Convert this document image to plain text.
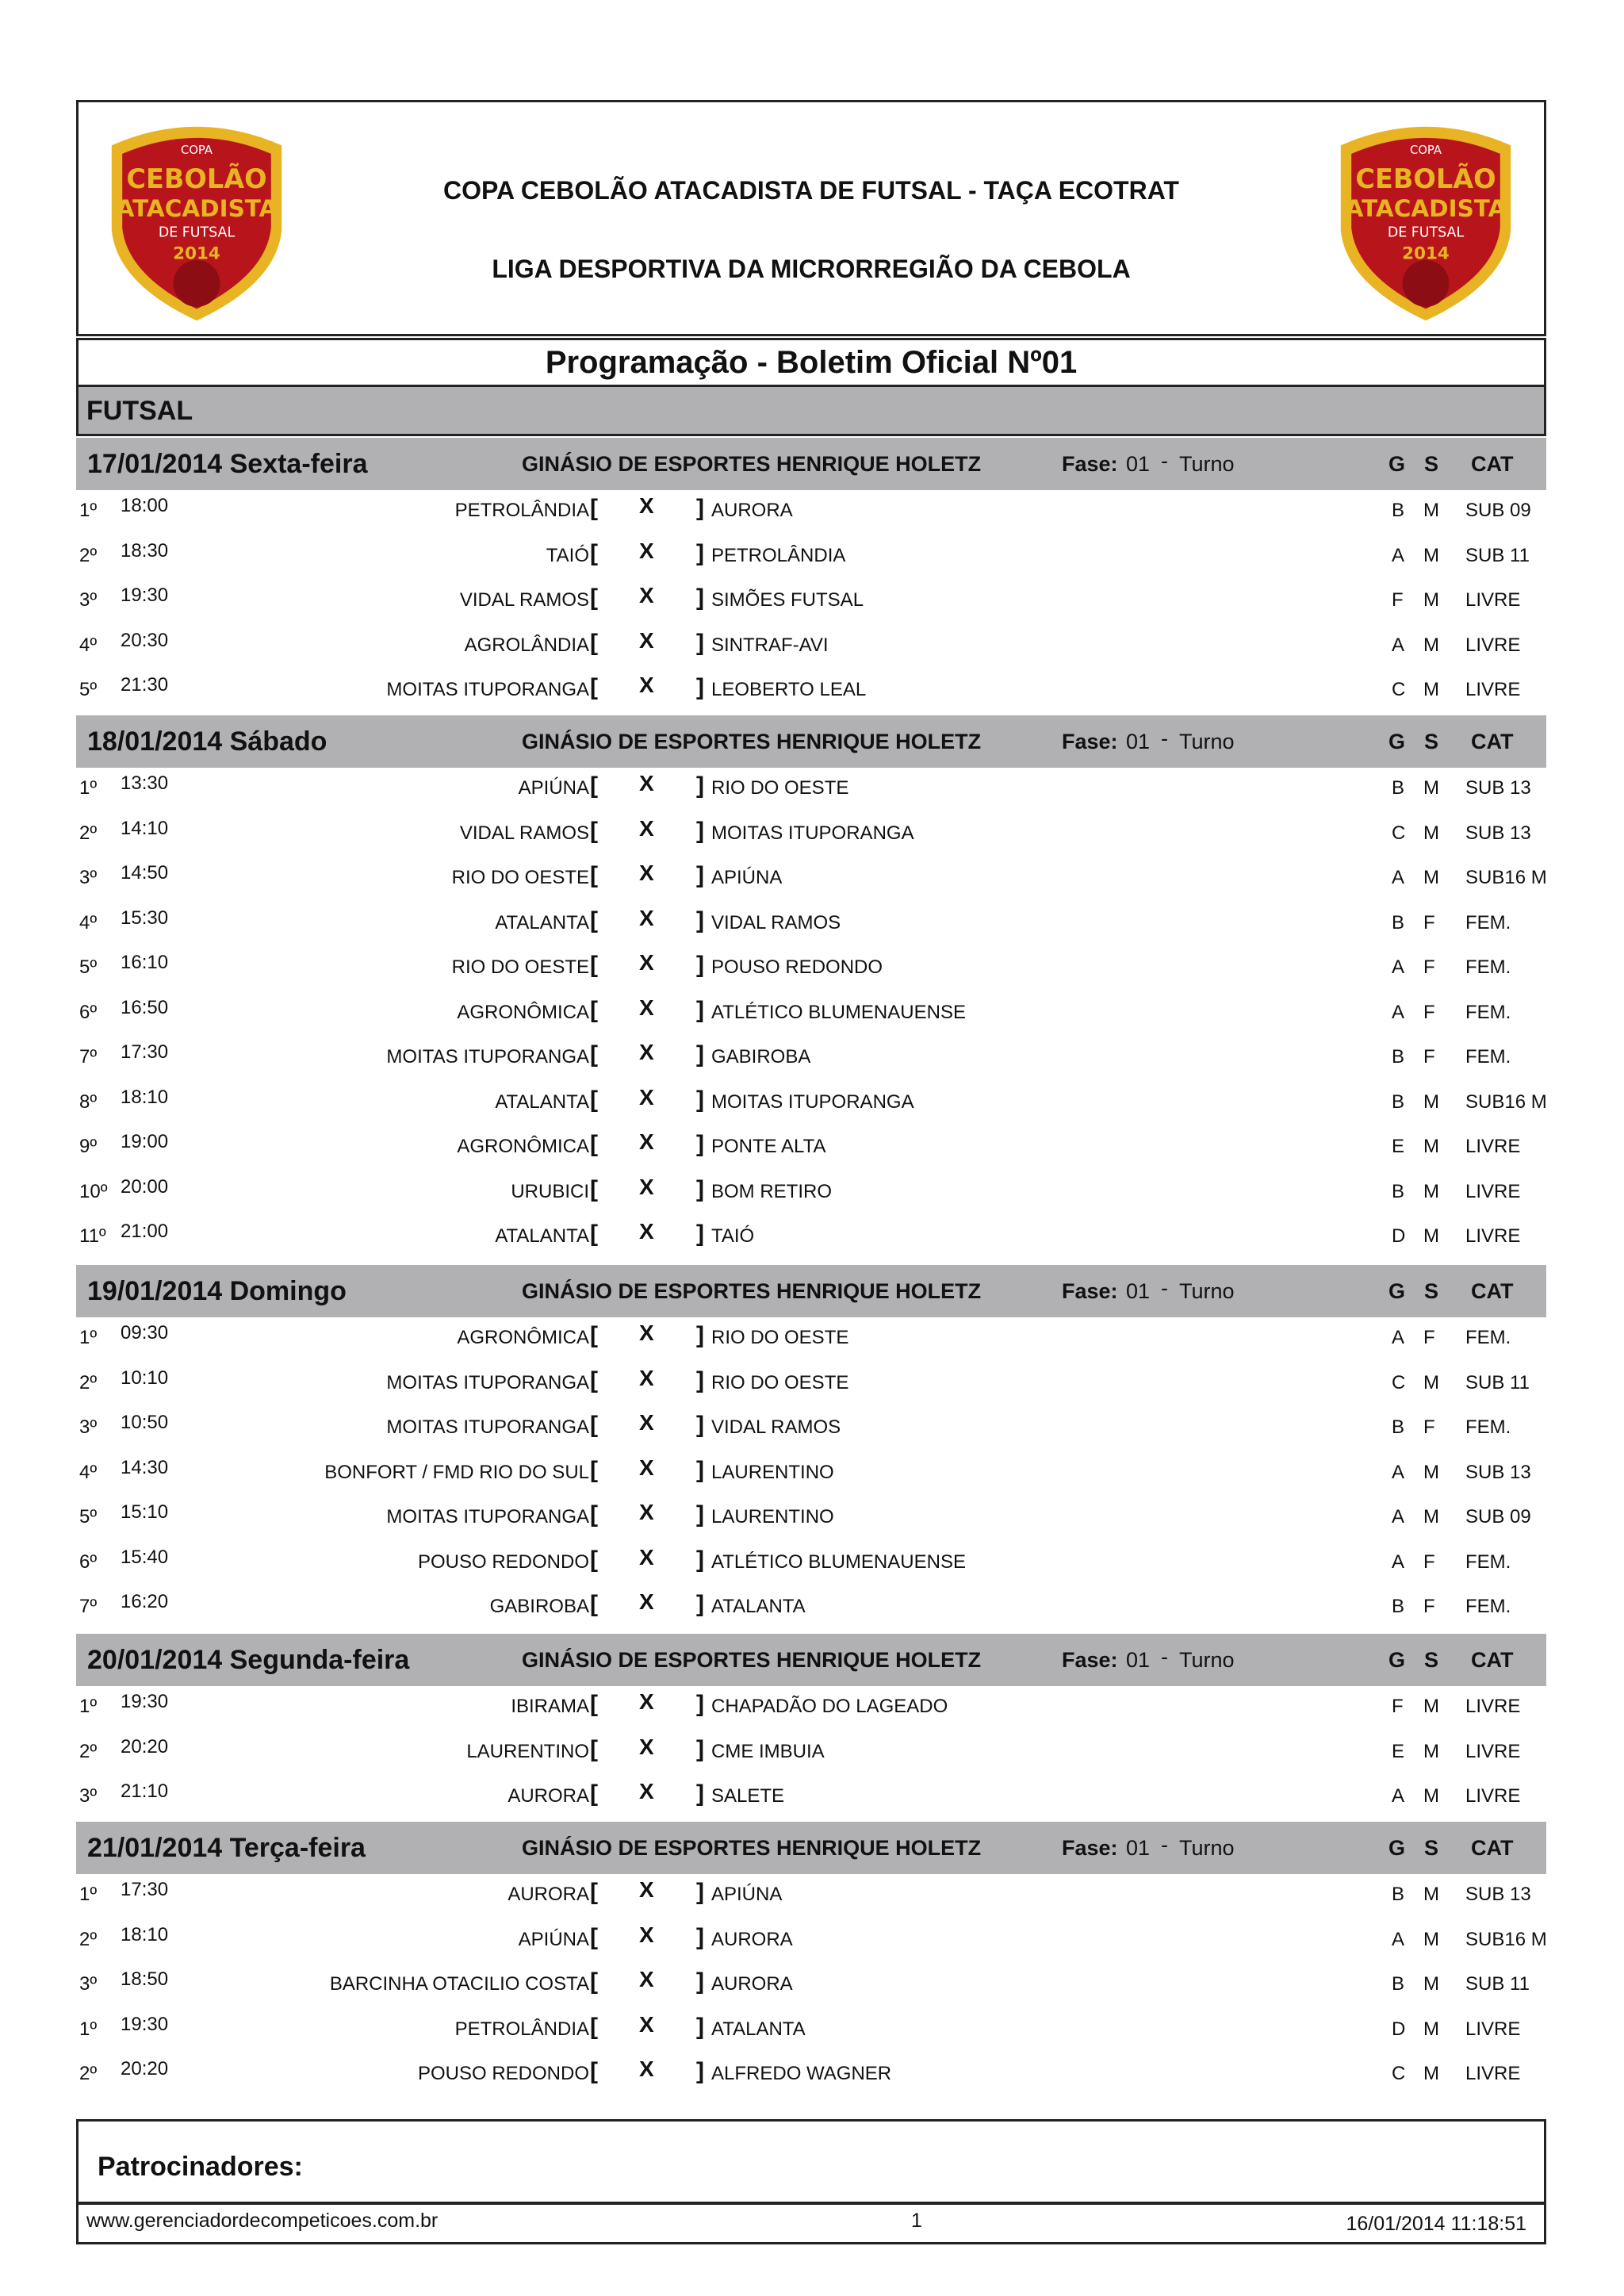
COPA
CEBOLÃO
ATACADISTA
DE FUTSAL
2014
COPA CEBOLÃO ATACADISTA DE FUTSAL - TAÇA ECOTRAT
LIGA DESPORTIVA DA MICRORREGIÃO DA CEBOLA
COPA
CEBOLÃO
ATACADISTA
DE FUTSAL
2014
Programação - Boletim Oficial Nº01
FUTSAL
17/01/2014 Sexta-feira	GINÁSIO DE ESPORTES HENRIQUE HOLETZ	Fase: 01 - Turno	G S CAT
1º 18:00	PETROLÂNDIA [ X ] AURORA	B M SUB 09
2º 18:30	TAIÓ [ X ] PETROLÂNDIA	A M SUB 11
3º 19:30	VIDAL RAMOS [ X ] SIMÕES FUTSAL	F M LIVRE
4º 20:30	AGROLÂNDIA [ X ] SINTRAF-AVI	A M LIVRE
5º 21:30	MOITAS ITUPORANGA [ X ] LEOBERTO LEAL	C M LIVRE
18/01/2014 Sábado	GINÁSIO DE ESPORTES HENRIQUE HOLETZ	Fase: 01 - Turno	G S CAT
1º 13:30	APIÚNA [ X ] RIO DO OESTE	B M SUB 13
2º 14:10	VIDAL RAMOS [ X ] MOITAS ITUPORANGA	C M SUB 13
3º 14:50	RIO DO OESTE [ X ] APIÚNA	A M SUB16 M
4º 15:30	ATALANTA [ X ] VIDAL RAMOS	B F FEM.
5º 16:10	RIO DO OESTE [ X ] POUSO REDONDO	A F FEM.
6º 16:50	AGRONÔMICA [ X ] ATLÉTICO BLUMENAUENSE	A F FEM.
7º 17:30	MOITAS ITUPORANGA [ X ] GABIROBA	B F FEM.
8º 18:10	ATALANTA [ X ] MOITAS ITUPORANGA	B M SUB16 M
9º 19:00	AGRONÔMICA [ X ] PONTE ALTA	E M LIVRE
10º 20:00	URUBICI [ X ] BOM RETIRO	B M LIVRE
11º 21:00	ATALANTA [ X ] TAIÓ	D M LIVRE
19/01/2014 Domingo	GINÁSIO DE ESPORTES HENRIQUE HOLETZ	Fase: 01 - Turno	G S CAT
1º 09:30	AGRONÔMICA [ X ] RIO DO OESTE	A F FEM.
2º 10:10	MOITAS ITUPORANGA [ X ] RIO DO OESTE	C M SUB 11
3º 10:50	MOITAS ITUPORANGA [ X ] VIDAL RAMOS	B F FEM.
4º 14:30	BONFORT / FMD RIO DO SUL [ X ] LAURENTINO	A M SUB 13
5º 15:10	MOITAS ITUPORANGA [ X ] LAURENTINO	A M SUB 09
6º 15:40	POUSO REDONDO [ X ] ATLÉTICO BLUMENAUENSE	A F FEM.
7º 16:20	GABIROBA [ X ] ATALANTA	B F FEM.
20/01/2014 Segunda-feira	GINÁSIO DE ESPORTES HENRIQUE HOLETZ	Fase: 01 - Turno	G S CAT
1º 19:30	IBIRAMA [ X ] CHAPADÃO DO LAGEADO	F M LIVRE
2º 20:20	LAURENTINO [ X ] CME IMBUIA	E M LIVRE
3º 21:10	AURORA [ X ] SALETE	A M LIVRE
21/01/2014 Terça-feira	GINÁSIO DE ESPORTES HENRIQUE HOLETZ	Fase: 01 - Turno	G S CAT
1º 17:30	AURORA [ X ] APIÚNA	B M SUB 13
2º 18:10	APIÚNA [ X ] AURORA	A M SUB16 M
3º 18:50	BARCINHA OTACILIO COSTA [ X ] AURORA	B M SUB 11
1º 19:30	PETROLÂNDIA [ X ] ATALANTA	D M LIVRE
2º 20:20	POUSO REDONDO [ X ] ALFREDO WAGNER	C M LIVRE
Patrocinadores:
www.gerenciadordecompeticoes.com.br	1	16/01/2014 11:18:51
